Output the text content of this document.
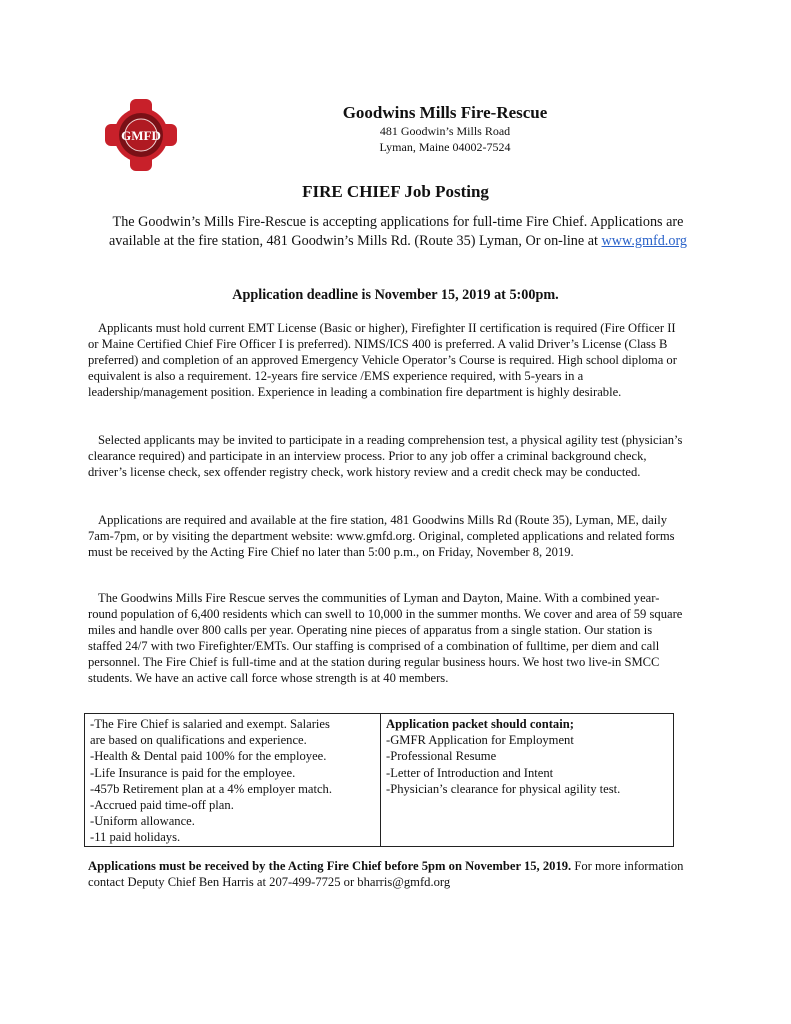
GMFD
Goodwins Mills Fire-Rescue
481 Goodwin’s Mills Road
Lyman, Maine 04002-7524
FIRE CHIEF Job Posting
The Goodwin’s Mills Fire-Rescue is accepting applications for full-time Fire Chief. Applications are available at the fire station, 481 Goodwin’s Mills Rd. (Route 35) Lyman, Or on-line at www.gmfd.org
Application deadline is November 15, 2019 at 5:00pm.

Applicants must hold current EMT License (Basic or higher), Firefighter II certification is required (Fire Officer II or Maine Certified Chief Fire Officer I is preferred). NIMS/ICS 400 is preferred. A valid Driver’s License (Class B preferred) and completion of an approved Emergency Vehicle Operator’s Course is required. High school diploma or equivalent is also a requirement. 12-years fire service /EMS experience required, with 5-years in a leadership/management position. Experience in leading a combination fire department is highly desirable.

Selected applicants may be invited to participate in a reading comprehension test, a physical agility test (physician’s clearance required) and participate in an interview process. Prior to any job offer a criminal background check, driver’s license check, sex offender registry check, work history review and a credit check may be conducted.

Applications are required and available at the fire station, 481 Goodwins Mills Rd (Route 35), Lyman, ME, daily 7am-7pm, or by visiting the department website: www.gmfd.org. Original, completed applications and related forms must be received by the Acting Fire Chief no later than 5:00 p.m., on Friday, November 8, 2019.

The Goodwins Mills Fire Rescue serves the communities of Lyman and Dayton, Maine. With a combined year-round population of 6,400 residents which can swell to 10,000 in the summer months. We cover and area of 59 square miles and handle over 800 calls per year. Operating nine pieces of apparatus from a single station. Our station is staffed 24/7 with two Firefighter/EMTs. Our staffing is comprised of a combination of fulltime, per diem and call personnel. The Fire Chief is full-time and at the station during regular business hours. We host two live-in SMCC students. We have an active call force whose strength is at 40 members.

-The Fire Chief is salaried and exempt. Salaries
are based on qualifications and experience.
-Health & Dental paid 100% for the employee.
-Life Insurance is paid for the employee.
-457b Retirement plan at a 4% employer match.
-Accrued paid time-off plan.
-Uniform allowance.
-11 paid holidays.
Application packet should contain;
-GMFR Application for Employment
-Professional Resume
-Letter of Introduction and Intent
-Physician’s clearance for physical agility test.

Applications must be received by the Acting Fire Chief before 5pm on November 15, 2019. For more information contact Deputy Chief Ben Harris at 207-499-7725 or bharris@gmfd.org
